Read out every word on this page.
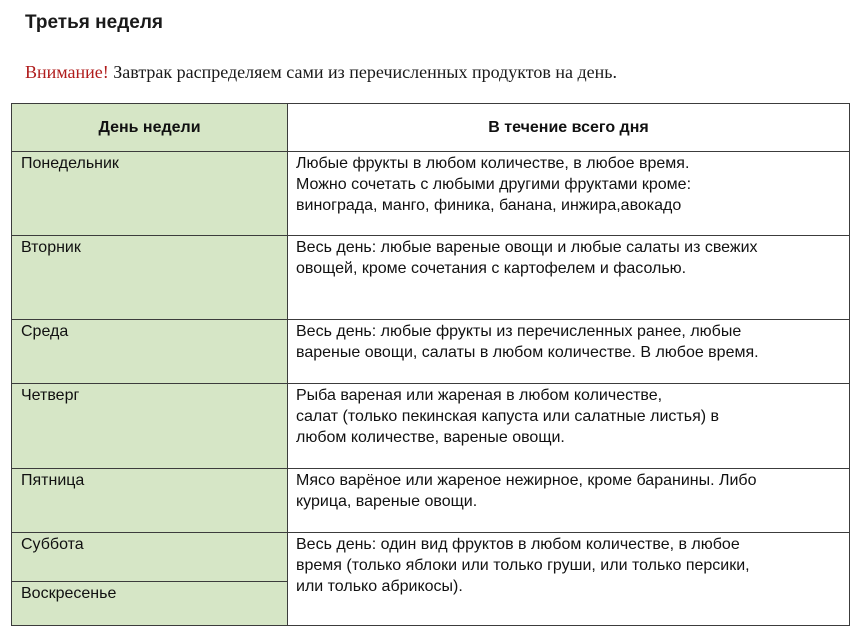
Третья неделя
Внимание! Завтрак распределяем сами из перечисленных продуктов на день.
День недели	В течение всего дня
Понедельник	Любые фрукты в любом количестве, в любое время.
Можно сочетать с любыми другими фруктами кроме:
винограда, манго, финика, банана, инжира,авокадо

Вторник	Весь день: любые вареные овощи и любые салаты из свежих
овощей, кроме сочетания с картофелем и фасолью.

Среда	Весь день: любые фрукты из перечисленных ранее, любые
вареные овощи, салаты в любом количестве. В любое время.

Четверг	Рыба вареная или жареная в любом количестве,
салат (только пекинская капуста или салатные листья) в
любом количестве, вареные овощи.

Пятница	Мясо варёное или жареное нежирное, кроме баранины. Либо
курица, вареные овощи.

Суббота	Весь день: один вид фруктов в любом количестве, в любое
время (только яблоки или только груши, или только персики,
или только абрикосы).

Воскресенье	
